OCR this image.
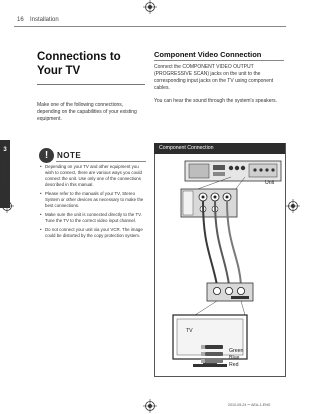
16 Installation
3
Installation
Connections to Your TV
Make one of the following connections, depending on the capabilities of your existing equipment.
!	NOTE
• Depending on your TV and other equipment you wish to connect, there are various ways you could connect the unit. Use only one of the connections described in this manual.
• Please refer to the manuals of your TV, Stereo System or other devices as necessary to make the best connections.
• Make sure the unit is connected directly to the TV. Tune the TV to the correct video input channel.
• Do not connect your unit via your VCR. The image could be distorted by the copy protection system.
Component Video Connection
Connect the COMPONENT VIDEO OUTPUT (PROGRESSIVE SCAN) jacks on the unit to the corresponding input jacks on the TV using component cables.
You can hear the sound through the system's speakers.
Component Connection
Unit
TV
Green
Blue
Red
2010-09-24 ꟷ AEA-1-ENG
